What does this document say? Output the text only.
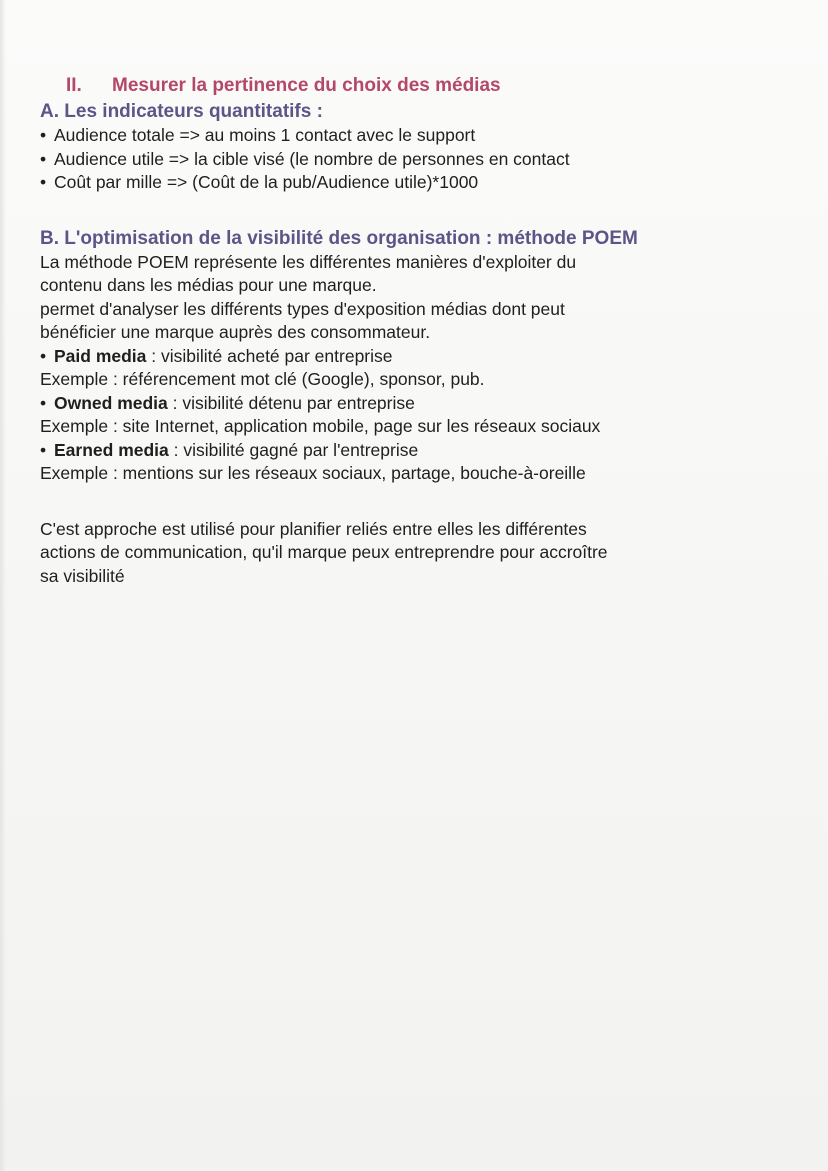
II. Mesurer la pertinence du choix des médias

A. Les indicateurs quantitatifs :

• Audience totale => au moins 1 contact avec le support
• Audience utile => la cible visé (le nombre de personnes en contact
• Coût par mille => (Coût de la pub/Audience utile)*1000

B. L'optimisation de la visibilité des organisation : méthode POEM

La méthode POEM représente les différentes manières d'exploiter du

contenu dans les médias pour une marque.

permet d'analyser les différents types d'exposition médias dont peut

bénéficier une marque auprès des consommateur.

• Paid media : visibilité acheté par entreprise

Exemple : référencement mot clé (Google), sponsor, pub.

• Owned media : visibilité détenu par entreprise

Exemple : site Internet, application mobile, page sur les réseaux sociaux

• Earned media : visibilité gagné par l'entreprise

Exemple : mentions sur les réseaux sociaux, partage, bouche-à-oreille

C'est approche est utilisé pour planifier reliés entre elles les différentes

actions de communication, qu'il marque peux entreprendre pour accroître

sa visibilité
